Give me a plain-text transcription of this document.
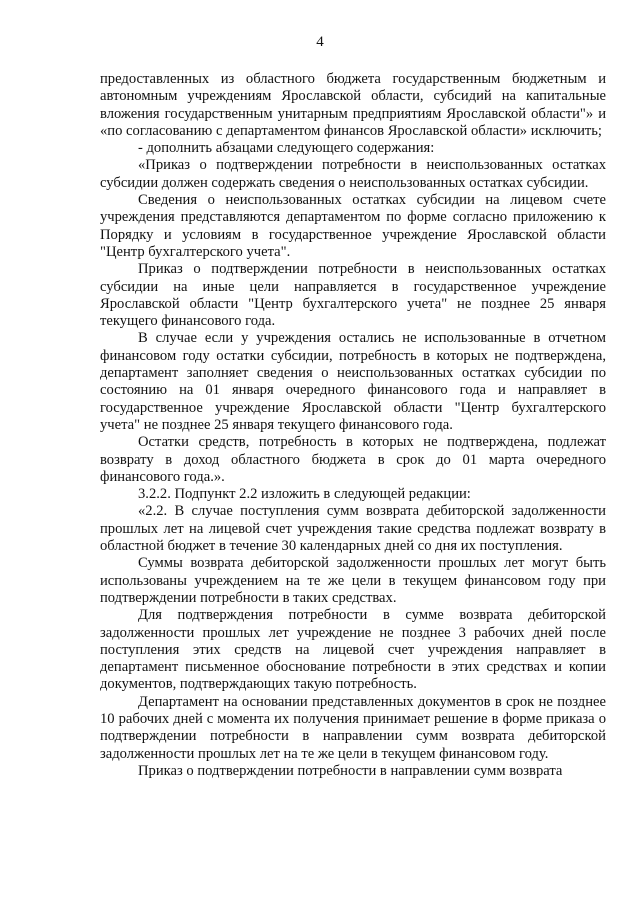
4

предоставленных из областного бюджета государственным бюджетным и автономным учреждениям Ярославской области, субсидий на капитальные вложения государственным унитарным предприятиям Ярославской области"» и «по согласованию с департаментом финансов Ярославской области» исключить;

- дополнить абзацами следующего содержания:

«Приказ о подтверждении потребности в неиспользованных остатках субсидии должен содержать сведения о неиспользованных остатках субсидии.

Сведения о неиспользованных остатках субсидии на лицевом счете учреждения представляются департаментом по форме согласно приложению к Порядку и условиям в государственное учреждение Ярославской области "Центр бухгалтерского учета".

Приказ о подтверждении потребности в неиспользованных остатках субсидии на иные цели направляется в государственное учреждение Ярославской области "Центр бухгалтерского учета" не позднее 25 января текущего финансового года.

В случае если у учреждения остались не использованные в отчетном финансовом году остатки субсидии, потребность в которых не подтверждена, департамент заполняет сведения о неиспользованных остатках субсидии по состоянию на 01 января очередного финансового года и направляет в государственное учреждение Ярославской области "Центр бухгалтерского учета" не позднее 25 января текущего финансового года.

Остатки средств, потребность в которых не подтверждена, подлежат возврату в доход областного бюджета в срок до 01 марта очередного финансового года.».

3.2.2. Подпункт 2.2 изложить в следующей редакции:

«2.2. В случае поступления сумм возврата дебиторской задолженности прошлых лет на лицевой счет учреждения такие средства подлежат возврату в областной бюджет в течение 30 календарных дней со дня их поступления.

Суммы возврата дебиторской задолженности прошлых лет могут быть использованы учреждением на те же цели в текущем финансовом году при подтверждении потребности в таких средствах.

Для подтверждения потребности в сумме возврата дебиторской задолженности прошлых лет учреждение не позднее 3 рабочих дней после поступления этих средств на лицевой счет учреждения направляет в департамент письменное обоснование потребности в этих средствах и копии документов, подтверждающих такую потребность.

Департамент на основании представленных документов в срок не позднее 10 рабочих дней с момента их получения принимает решение в форме приказа о подтверждении потребности в направлении сумм возврата дебиторской задолженности прошлых лет на те же цели в текущем финансовом году.

Приказ о подтверждении потребности в направлении сумм возврата
